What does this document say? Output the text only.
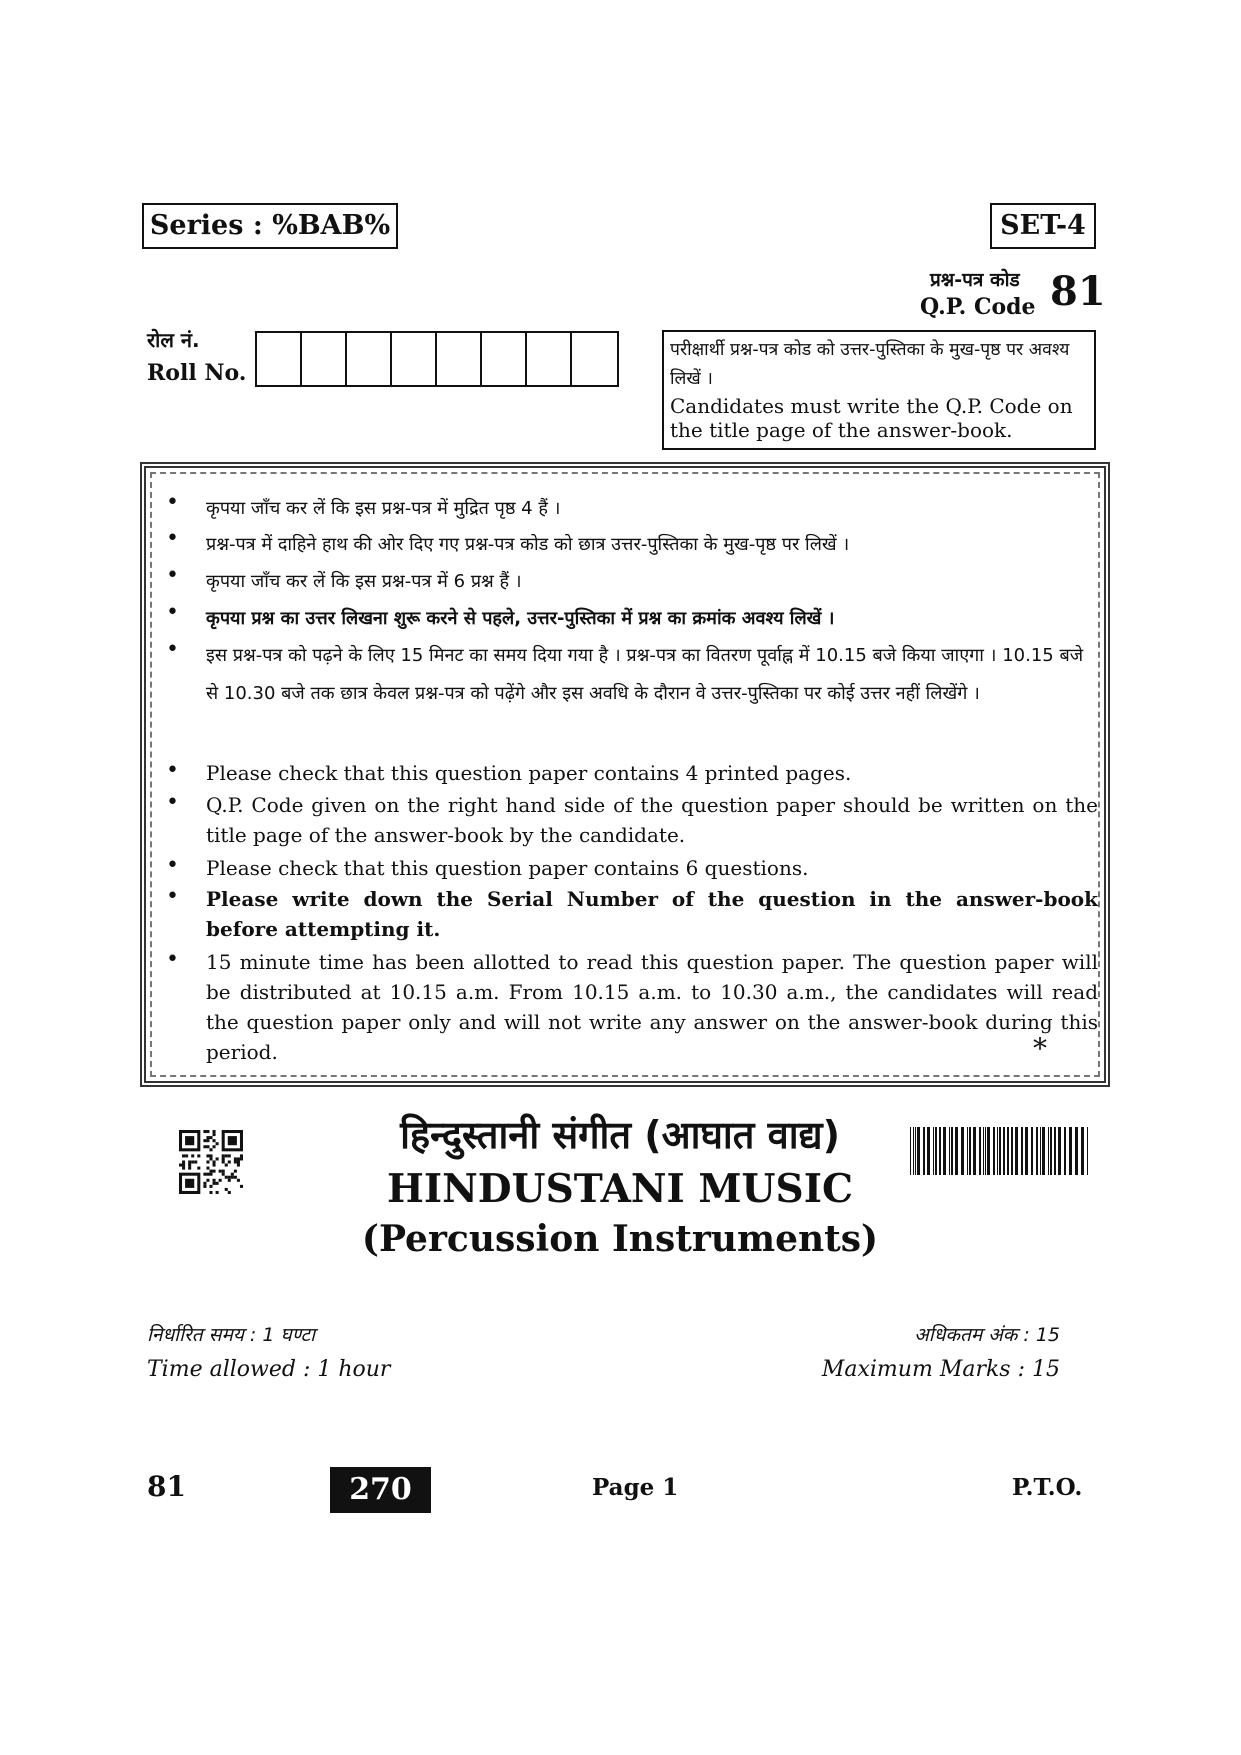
Series : %BAB%	SET-4
प्रश्न-पत्र कोड
Q.P. Code 81
रोल नं.
Roll No.
परीक्षार्थी प्रश्न-पत्र कोड को उत्तर-पुस्तिका के मुख-पृष्ठ पर अवश्य लिखें ।
Candidates must write the Q.P. Code on the title page of the answer-book.
• कृपया जाँच कर लें कि इस प्रश्न-पत्र में मुद्रित पृष्ठ 4 हैं ।
• प्रश्न-पत्र में दाहिने हाथ की ओर दिए गए प्रश्न-पत्र कोड को छात्र उत्तर-पुस्तिका के मुख-पृष्ठ पर लिखें ।
• कृपया जाँच कर लें कि इस प्रश्न-पत्र में 6 प्रश्न हैं ।
• कृपया प्रश्न का उत्तर लिखना शुरू करने से पहले, उत्तर-पुस्तिका में प्रश्न का क्रमांक अवश्य लिखें ।
• इस प्रश्न-पत्र को पढ़ने के लिए 15 मिनट का समय दिया गया है । प्रश्न-पत्र का वितरण पूर्वाह्न में 10.15 बजे किया जाएगा । 10.15 बजे से 10.30 बजे तक छात्र केवल प्रश्न-पत्र को पढ़ेंगे और इस अवधि के दौरान वे उत्तर-पुस्तिका पर कोई उत्तर नहीं लिखेंगे ।
• Please check that this question paper contains 4 printed pages.
• Q.P. Code given on the right hand side of the question paper should be written on the title page of the answer-book by the candidate.
• Please check that this question paper contains 6 questions.
• Please write down the Serial Number of the question in the answer-book before attempting it.
• 15 minute time has been allotted to read this question paper. The question paper will be distributed at 10.15 a.m. From 10.15 a.m. to 10.30 a.m., the candidates will read the question paper only and will not write any answer on the answer-book during this period.	*
हिन्दुस्तानी संगीत (आघात वाद्य)
HINDUSTANI MUSIC
(Percussion Instruments)
निर्धारित समय : 1 घण्टा
Time allowed : 1 hour
अधिकतम अंक : 15
Maximum Marks : 15
81	270	Page 1	P.T.O.
